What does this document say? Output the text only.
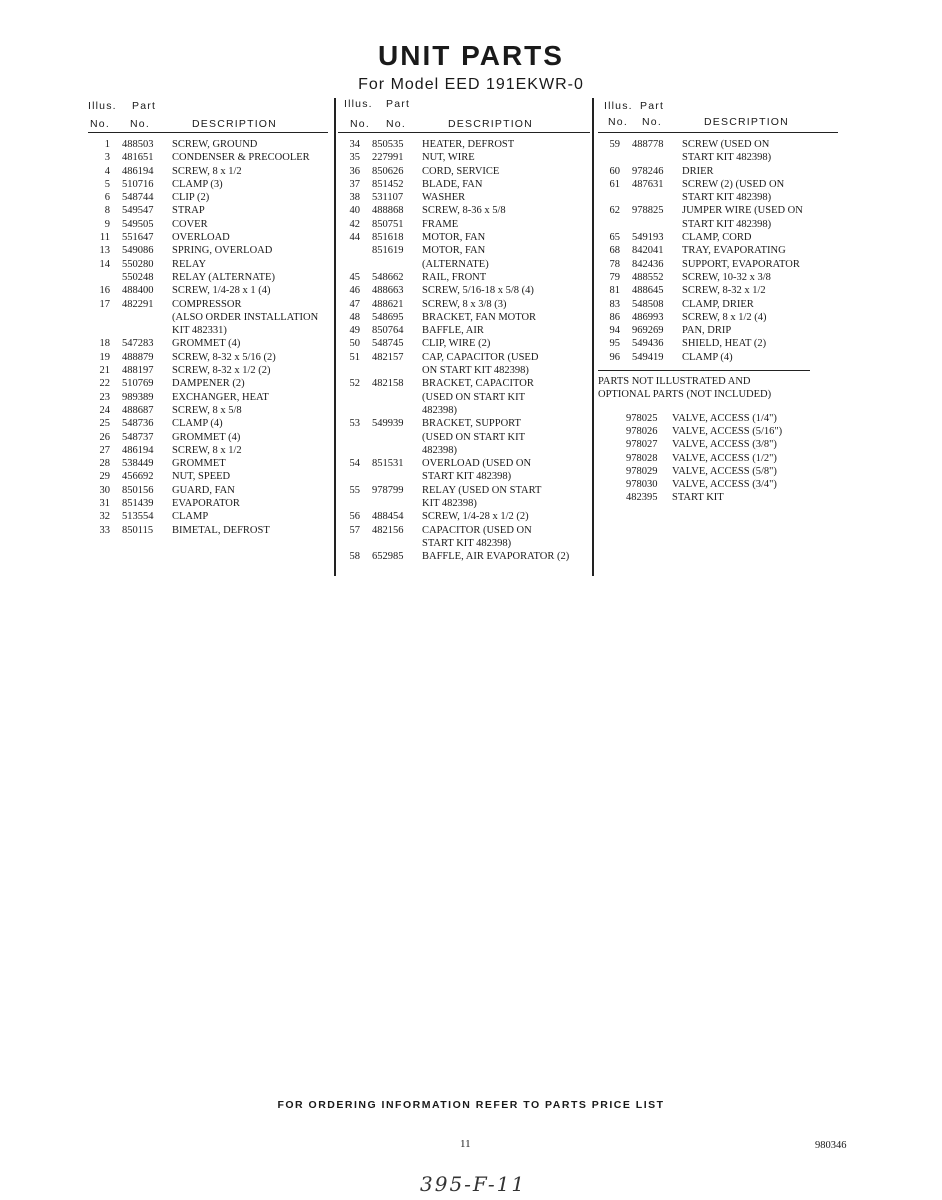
UNIT PARTS
For Model EED 191EKWR-0
Illus. Part
No. No.	DESCRIPTION
1	488503	SCREW, GROUND
3	481651	CONDENSER & PRECOOLER
4	486194	SCREW, 8 x 1/2
5	510716	CLAMP (3)
6	548744	CLIP (2)
8	549547	STRAP
9	549505	COVER
11	551647	OVERLOAD
13	549086	SPRING, OVERLOAD
14	550280	RELAY
550248	RELAY (ALTERNATE)
16	488400	SCREW, 1/4-28 x 1 (4)
17	482291	COMPRESSOR
(ALSO ORDER INSTALLATION
KIT 482331)
18	547283	GROMMET (4)
19	488879	SCREW, 8-32 x 5/16 (2)
21	488197	SCREW, 8-32 x 1/2 (2)
22	510769	DAMPENER (2)
23	989389	EXCHANGER, HEAT
24	488687	SCREW, 8 x 5/8
25	548736	CLAMP (4)
26	548737	GROMMET (4)
27	486194	SCREW, 8 x 1/2
28	538449	GROMMET
29	456692	NUT, SPEED
30	850156	GUARD, FAN
31	851439	EVAPORATOR
32	513554	CLAMP
33	850115	BIMETAL, DEFROST
Illus. Part
No. No.	DESCRIPTION
34	850535	HEATER, DEFROST
35	227991	NUT, WIRE
36	850626	CORD, SERVICE
37	851452	BLADE, FAN
38	531107	WASHER
40	488868	SCREW, 8-36 x 5/8
42	850751	FRAME
44	851618	MOTOR, FAN
851619	MOTOR, FAN
(ALTERNATE)
45	548662	RAIL, FRONT
46	488663	SCREW, 5/16-18 x 5/8 (4)
47	488621	SCREW, 8 x 3/8 (3)
48	548695	BRACKET, FAN MOTOR
49	850764	BAFFLE, AIR
50	548745	CLIP, WIRE (2)
51	482157	CAP, CAPACITOR (USED
ON START KIT 482398)
52	482158	BRACKET, CAPACITOR
(USED ON START KIT
482398)
53	549939	BRACKET, SUPPORT
(USED ON START KIT
482398)
54	851531	OVERLOAD (USED ON
START KIT 482398)
55	978799	RELAY (USED ON START
KIT 482398)
56	488454	SCREW, 1/4-28 x 1/2 (2)
57	482156	CAPACITOR (USED ON
START KIT 482398)
58	652985	BAFFLE, AIR EVAPORATOR (2)
Illus. Part
No. No.	DESCRIPTION
59	488778	SCREW (USED ON
START KIT 482398)
60	978246	DRIER
61	487631	SCREW (2) (USED ON
START KIT 482398)
62	978825	JUMPER WIRE (USED ON
START KIT 482398)
65	549193	CLAMP, CORD
68	842041	TRAY, EVAPORATING
78	842436	SUPPORT, EVAPORATOR
79	488552	SCREW, 10-32 x 3/8
81	488645	SCREW, 8-32 x 1/2
83	548508	CLAMP, DRIER
86	486993	SCREW, 8 x 1/2 (4)
94	969269	PAN, DRIP
95	549436	SHIELD, HEAT (2)
96	549419	CLAMP (4)
PARTS NOT ILLUSTRATED AND
OPTIONAL PARTS (NOT INCLUDED)
978025	VALVE, ACCESS (1/4")
978026	VALVE, ACCESS (5/16")
978027	VALVE, ACCESS (3/8")
978028	VALVE, ACCESS (1/2")
978029	VALVE, ACCESS (5/8")
978030	VALVE, ACCESS (3/4")
482395	START KIT
FOR ORDERING INFORMATION REFER TO PARTS PRICE LIST
11	980346
395-F-11
